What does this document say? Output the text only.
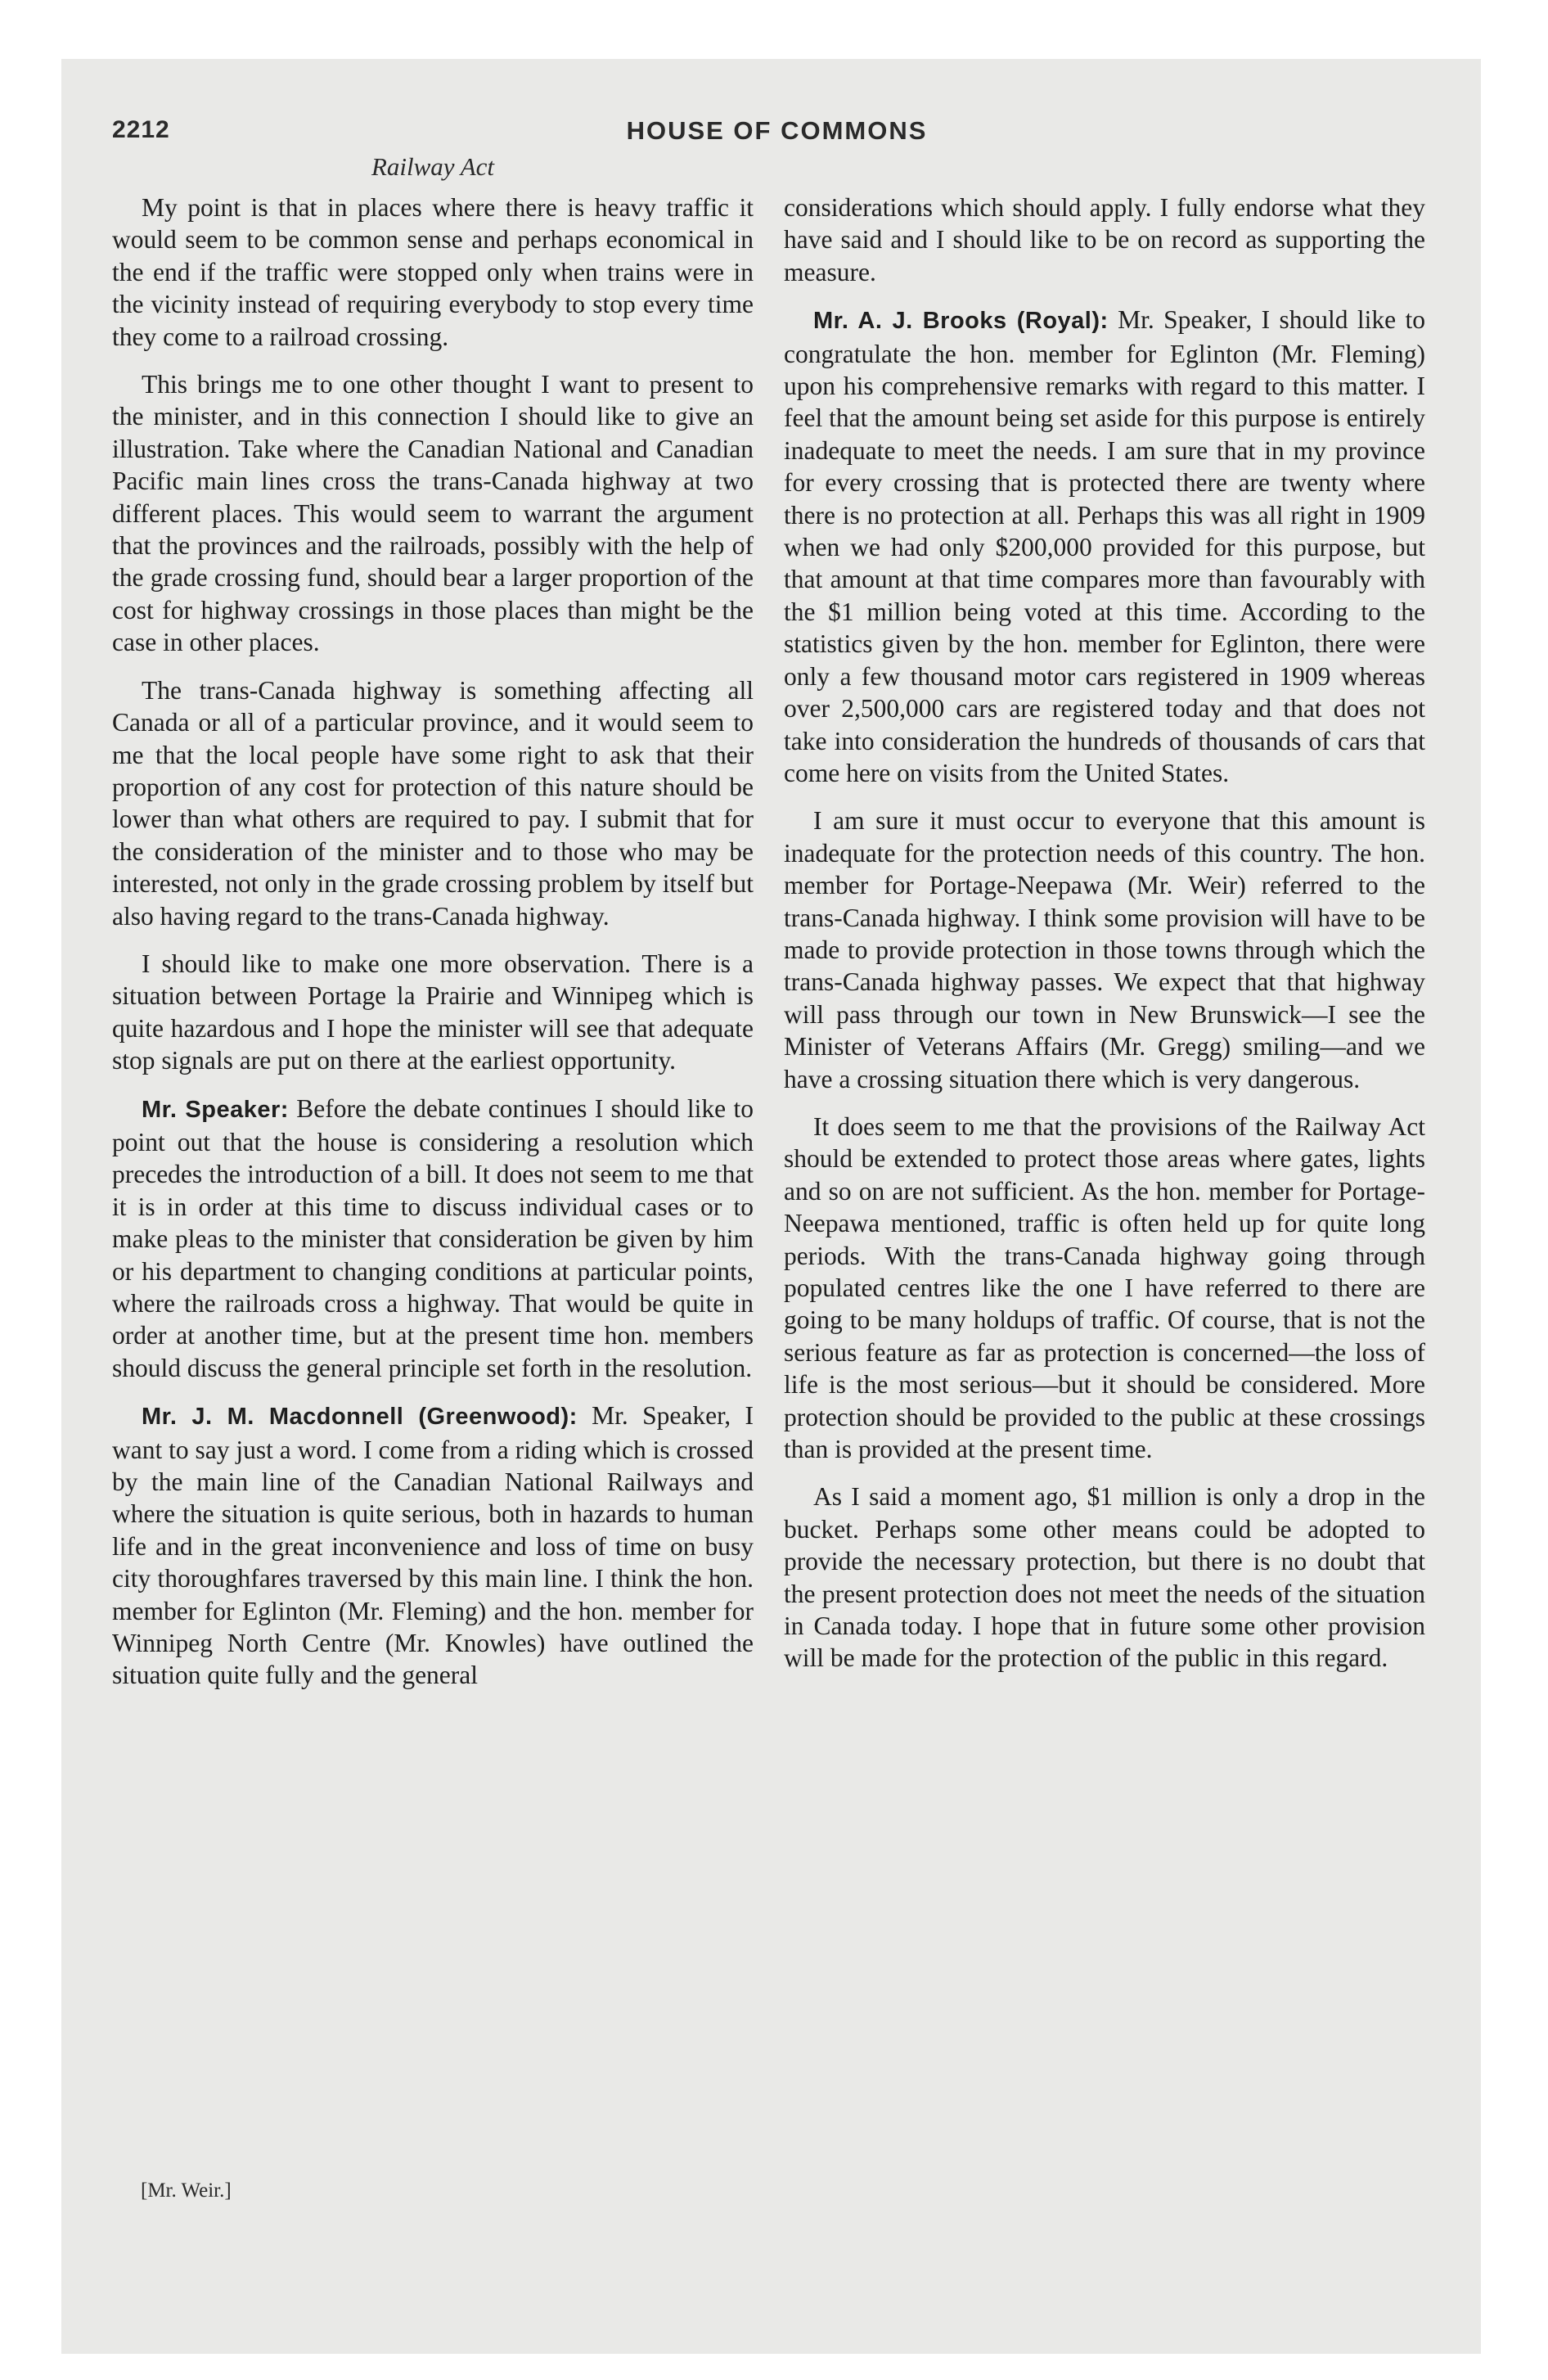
2212	HOUSE OF COMMONS
Railway Act

My point is that in places where there is heavy traffic it would seem to be common sense and perhaps economical in the end if the traffic were stopped only when trains were in the vicinity instead of requiring everybody to stop every time they come to a railroad crossing.

This brings me to one other thought I want to present to the minister, and in this connection I should like to give an illustration. Take where the Canadian National and Canadian Pacific main lines cross the trans-Canada highway at two different places. This would seem to warrant the argument that the provinces and the railroads, possibly with the help of the grade crossing fund, should bear a larger proportion of the cost for highway crossings in those places than might be the case in other places.

The trans-Canada highway is something affecting all Canada or all of a particular province, and it would seem to me that the local people have some right to ask that their proportion of any cost for protection of this nature should be lower than what others are required to pay. I submit that for the consideration of the minister and to those who may be interested, not only in the grade crossing problem by itself but also having regard to the trans-Canada highway.

I should like to make one more observation. There is a situation between Portage la Prairie and Winnipeg which is quite hazardous and I hope the minister will see that adequate stop signals are put on there at the earliest opportunity.

Mr. Speaker: Before the debate continues I should like to point out that the house is considering a resolution which precedes the introduction of a bill. It does not seem to me that it is in order at this time to discuss individual cases or to make pleas to the minister that consideration be given by him or his department to changing conditions at particular points, where the railroads cross a highway. That would be quite in order at another time, but at the present time hon. members should discuss the general principle set forth in the resolution.

Mr. J. M. Macdonnell (Greenwood): Mr. Speaker, I want to say just a word. I come from a riding which is crossed by the main line of the Canadian National Railways and where the situation is quite serious, both in hazards to human life and in the great inconvenience and loss of time on busy city thoroughfares traversed by this main line. I think the hon. member for Eglinton (Mr. Fleming) and the hon. member for Winnipeg North Centre (Mr. Knowles) have outlined the situation quite fully and the general

considerations which should apply. I fully endorse what they have said and I should like to be on record as supporting the measure.

Mr. A. J. Brooks (Royal): Mr. Speaker, I should like to congratulate the hon. member for Eglinton (Mr. Fleming) upon his comprehensive remarks with regard to this matter. I feel that the amount being set aside for this purpose is entirely inadequate to meet the needs. I am sure that in my province for every crossing that is protected there are twenty where there is no protection at all. Perhaps this was all right in 1909 when we had only $200,000 provided for this purpose, but that amount at that time compares more than favourably with the $1 million being voted at this time. According to the statistics given by the hon. member for Eglinton, there were only a few thousand motor cars registered in 1909 whereas over 2,500,000 cars are registered today and that does not take into consideration the hundreds of thousands of cars that come here on visits from the United States.

I am sure it must occur to everyone that this amount is inadequate for the protection needs of this country. The hon. member for Portage-Neepawa (Mr. Weir) referred to the trans-Canada highway. I think some provision will have to be made to provide protection in those towns through which the trans-Canada highway passes. We expect that that highway will pass through our town in New Brunswick—I see the Minister of Veterans Affairs (Mr. Gregg) smiling—and we have a crossing situation there which is very dangerous.

It does seem to me that the provisions of the Railway Act should be extended to protect those areas where gates, lights and so on are not sufficient. As the hon. member for Portage-Neepawa mentioned, traffic is often held up for quite long periods. With the trans-Canada highway going through populated centres like the one I have referred to there are going to be many holdups of traffic. Of course, that is not the serious feature as far as protection is concerned—the loss of life is the most serious—but it should be considered. More protection should be provided to the public at these crossings than is provided at the present time.

As I said a moment ago, $1 million is only a drop in the bucket. Perhaps some other means could be adopted to provide the necessary protection, but there is no doubt that the present protection does not meet the needs of the situation in Canada today. I hope that in future some other provision will be made for the protection of the public in this regard.

[Mr. Weir.]
